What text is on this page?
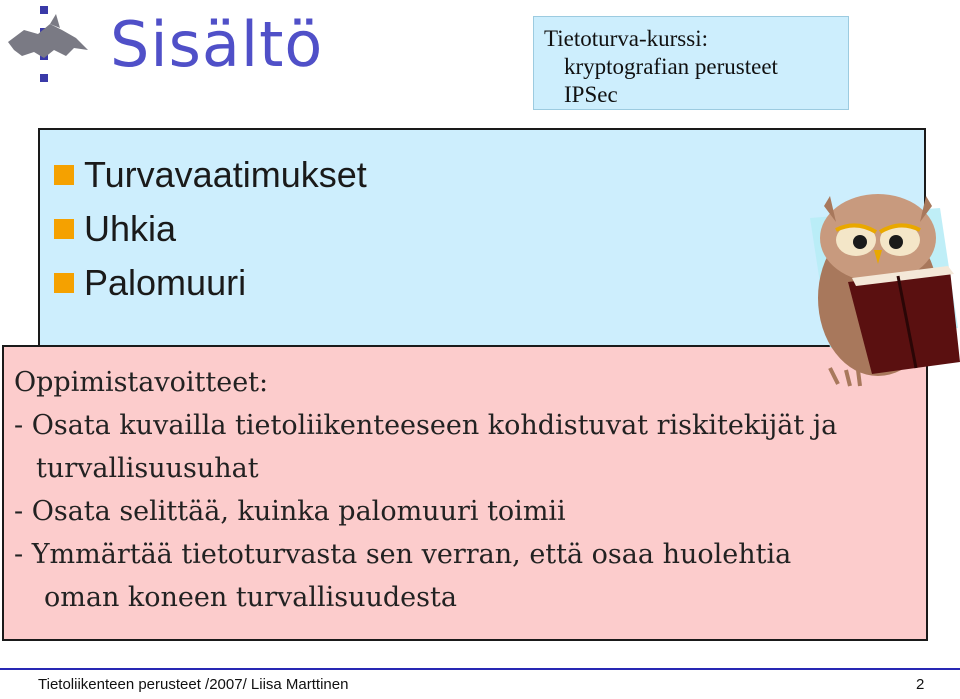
Sisältö	Tietoturva-kurssi:
kryptografian perusteet
IPSec
Turvavaatimukset
Uhkia
Palomuuri
Oppimistavoitteet:
- Osata kuvailla tietoliikenteeseen kohdistuvat riskitekijät ja
turvallisuusuhat
- Osata selittää, kuinka palomuuri toimii
- Ymmärtää tietoturvasta sen verran, että osaa huolehtia
oman koneen turvallisuudesta
Tietoliikenteen perusteet /2007/ Liisa Marttinen	2
